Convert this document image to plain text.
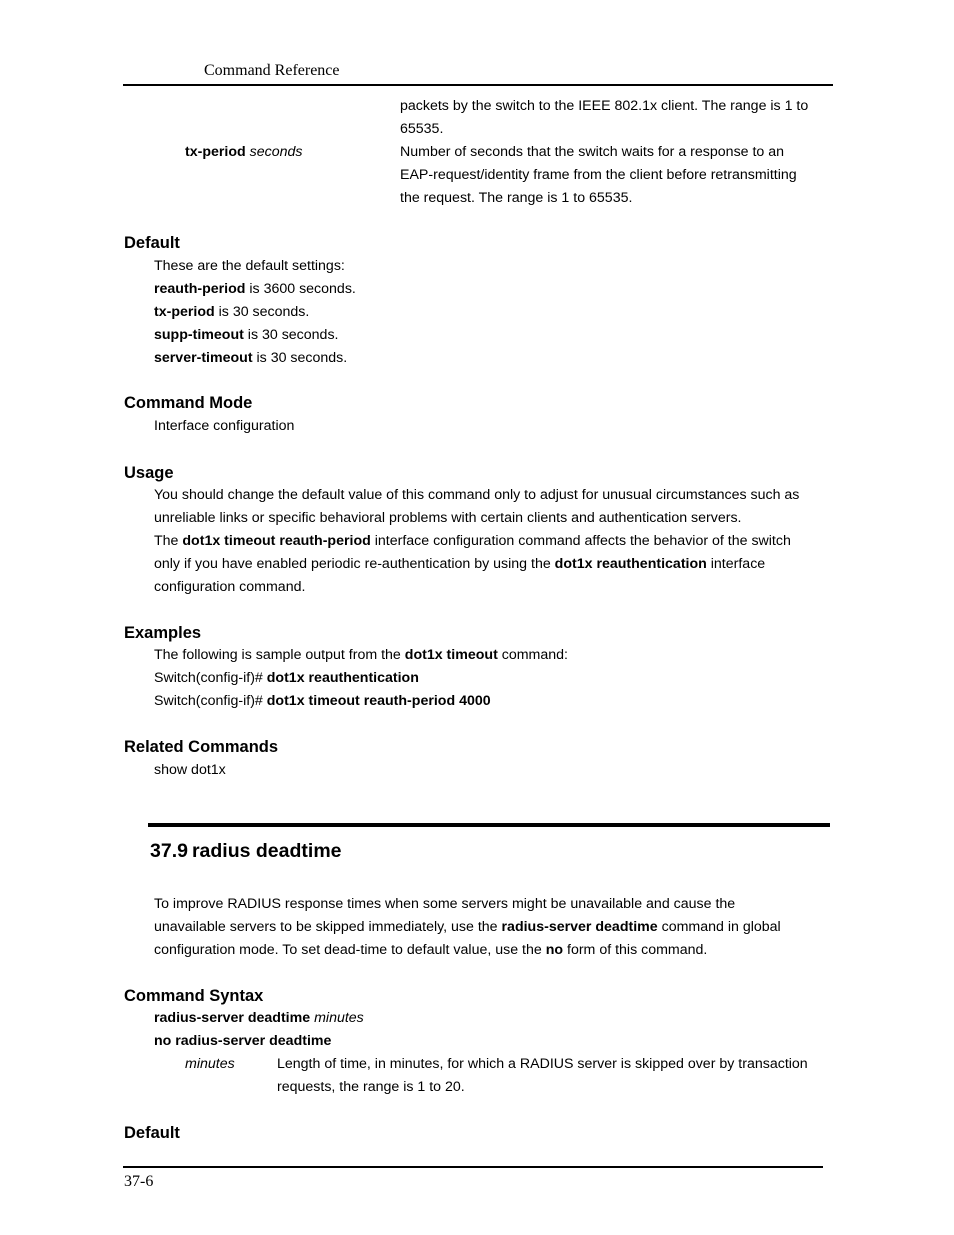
Command Reference
packets by the switch to the IEEE 802.1x client. The range is 1 to
65535.
tx-period seconds	Number of seconds that the switch waits for a response to an
EAP-request/identity frame from the client before retransmitting
the request. The range is 1 to 65535.
Default
These are the default settings:
reauth-period is 3600 seconds.
tx-period is 30 seconds.
supp-timeout is 30 seconds.
server-timeout is 30 seconds.
Command Mode
Interface configuration
Usage
You should change the default value of this command only to adjust for unusual circumstances such as
unreliable links or specific behavioral problems with certain clients and authentication servers.
The dot1x timeout reauth-period interface configuration command affects the behavior of the switch
only if you have enabled periodic re-authentication by using the dot1x reauthentication interface
configuration command.
Examples
The following is sample output from the dot1x timeout command:
Switch(config-if)# dot1x reauthentication
Switch(config-if)# dot1x timeout reauth-period 4000
Related Commands
show dot1x
37.9 radius deadtime
To improve RADIUS response times when some servers might be unavailable and cause the
unavailable servers to be skipped immediately, use the radius-server deadtime command in global
configuration mode. To set dead-time to default value, use the no form of this command.
Command Syntax
radius-server deadtime minutes
no radius-server deadtime
minutes	Length of time, in minutes, for which a RADIUS server is skipped over by transaction
requests, the range is 1 to 20.
Default
37-6
